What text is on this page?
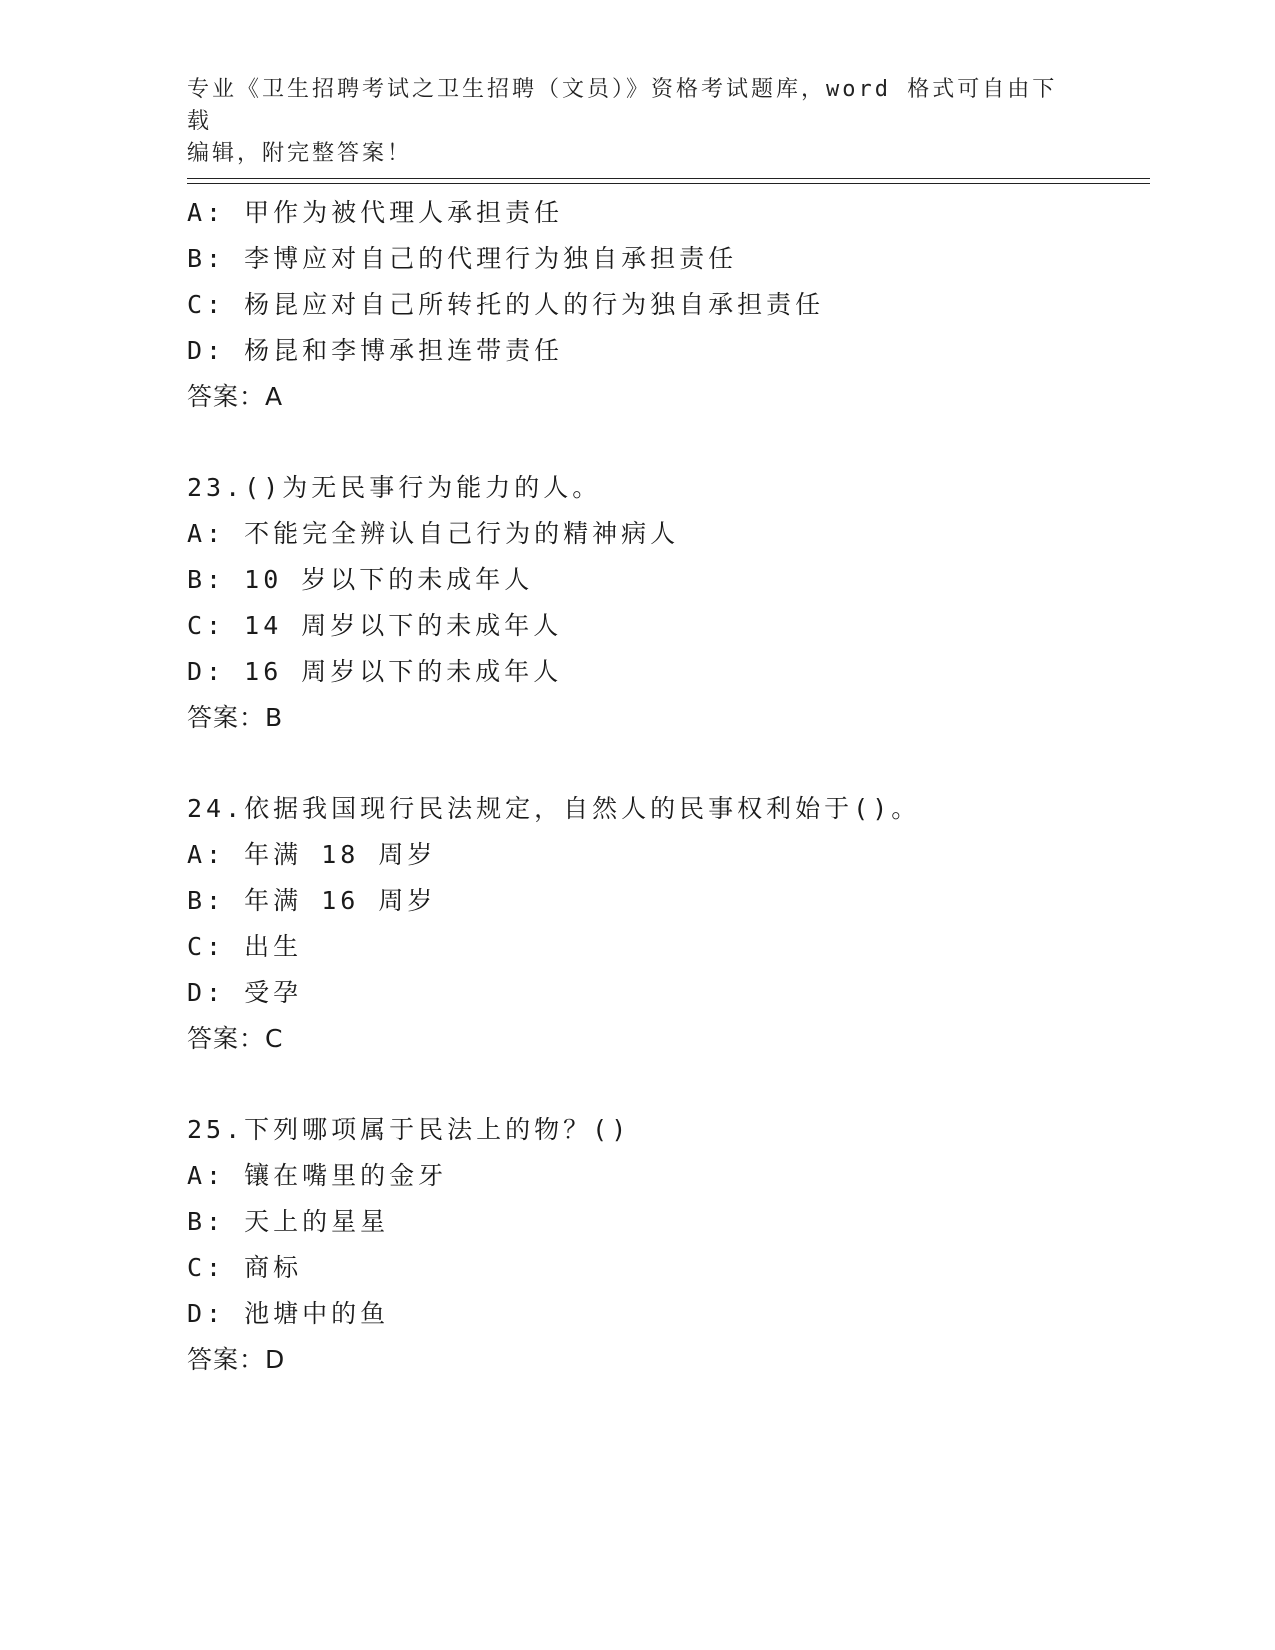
专业《卫生招聘考试之卫生招聘（文员）》资格考试题库，word 格式可自由下载
编辑，附完整答案！
A: 甲作为被代理人承担责任
B: 李博应对自己的代理行为独自承担责任
C: 杨昆应对自己所转托的人的行为独自承担责任
D: 杨昆和李博承担连带责任
答案：A
23.()为无民事行为能力的人。
A: 不能完全辨认自己行为的精神病人
B: 10 岁以下的未成年人
C: 14 周岁以下的未成年人
D: 16 周岁以下的未成年人
答案：B
24.依据我国现行民法规定，自然人的民事权利始于()。
A: 年满 18 周岁
B: 年满 16 周岁
C: 出生
D: 受孕
答案：C
25.下列哪项属于民法上的物？()
A: 镶在嘴里的金牙
B: 天上的星星
C: 商标
D: 池塘中的鱼
答案：D
